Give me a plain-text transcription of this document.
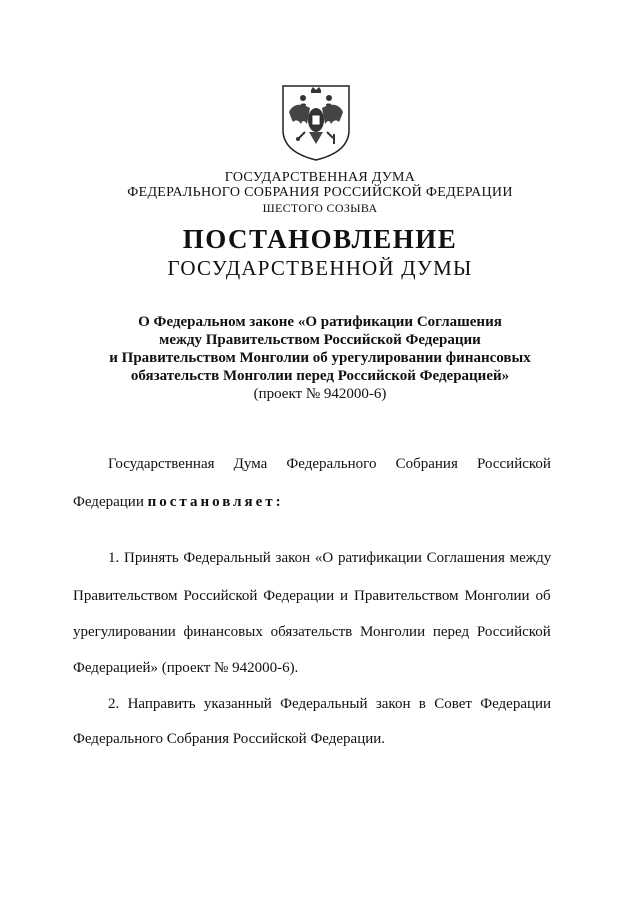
ГОСУДАРСТВЕННАЯ ДУМА
ФЕДЕРАЛЬНОГО СОБРАНИЯ РОССИЙСКОЙ ФЕДЕРАЦИИ
ШЕСТОГО СОЗЫВА
ПОСТАНОВЛЕНИЕ
ГОСУДАРСТВЕННОЙ ДУМЫ
О Федеральном законе «О ратификации Соглашения
между Правительством Российской Федерации
и Правительством Монголии об урегулировании финансовых
обязательств Монголии перед Российской Федерацией»
(проект № 942000-6)
Государственная Дума Федерального Собрания Российской
Федерации постановляет:
1. Принять Федеральный закон «О ратификации Соглашения между
Правительством Российской Федерации и Правительством Монголии об
урегулировании финансовых обязательств Монголии перед Российской
Федерацией» (проект № 942000-6).
2. Направить указанный Федеральный закон в Совет Федерации
Федерального Собрания Российской Федерации.
